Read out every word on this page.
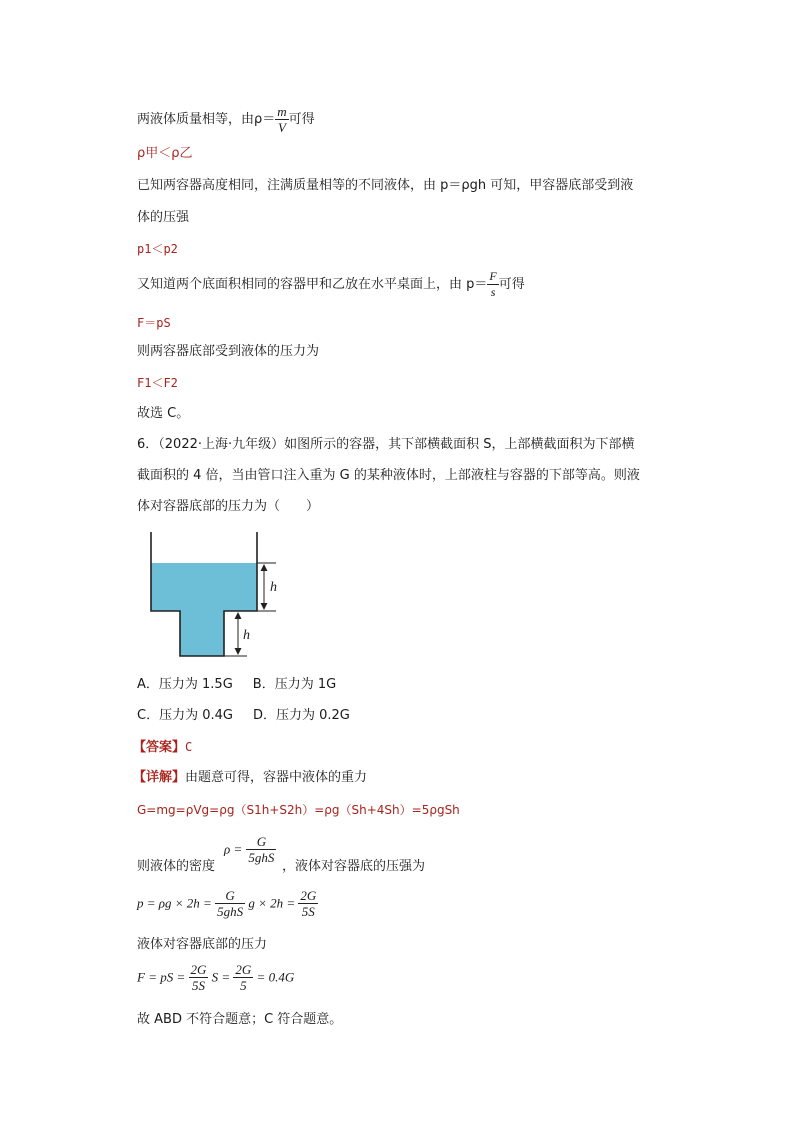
两液体质量相等，由$\rho= \frac{m}{V}$ 可得
ρ甲＜ρ乙
已知两容器高度相同，注满质量相等的不同液体，由 p＝ρgh 可知，甲容器底部受到液
体的压强
p1＜p2
又知道两个底面积相同的容器甲和乙放在水平桌面上，由 $p= \frac{F}{s}$ 可得
F＝pS
则两容器底部受到液体的压力为
F1＜F2
故选 C。
6．（2022·上海·九年级）如图所示的容器，其下部横截面积 S，上部横截面积为下部横
截面积的 4 倍，当由管口注入重为 G 的某种液体时，上部液柱与容器的下部等高。则液
体对容器底部的压力为（　　）
h
h
A．压力为 1.5G B．压力为 1G
C．压力为 0.4G D．压力为 0.2G
【答案】C
【详解】由题意可得，容器中液体的重力
G=mg=ρVg=ρg（S1h+S2h）=ρg（Sh+4Sh）=5ρgSh
则液体的密度
$\rho = \frac{G}{\text{5ghS}}$
，液体对容器底的压强为
$p = \rho g \times 2h = \frac{G}{\text{5ghS}}$ $g \times 2h = \frac{2G}{5S}$
液体对容器底部的压力
F = pS = $\frac{2G}{5S}$ $S = \frac{2G}{5} = 0.4G$
故 ABD 不符合题意；C 符合题意。
